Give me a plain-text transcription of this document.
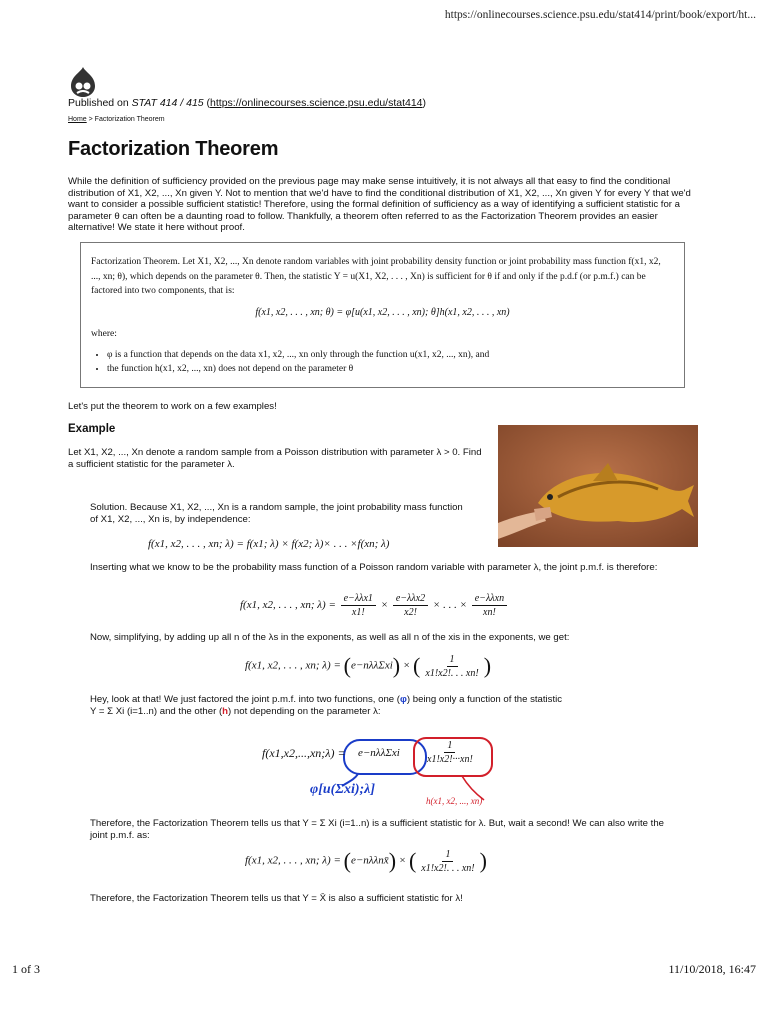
https://onlinecourses.science.psu.edu/stat414/print/book/export/ht...
Published on STAT 414 / 415 (https://onlinecourses.science.psu.edu/stat414)
Home > Factorization Theorem
Factorization Theorem
While the definition of sufficiency provided on the previous page may make sense intuitively, it is not always all that easy to find the conditional distribution of X1, X2, ..., Xn given Y. Not to mention that we'd have to find the conditional distribution of X1, X2, ..., Xn given Y for every Y that we'd want to consider a possible sufficient statistic! Therefore, using the formal definition of sufficiency as a way of identifying a sufficient statistic for a parameter θ can often be a daunting road to follow. Thankfully, a theorem often referred to as the Factorization Theorem provides an easier alternative! We state it here without proof.
Factorization Theorem. Let X1, X2, ..., Xn denote random variables with joint probability density function or joint probability mass function f(x1, x2, ..., xn; θ), which depends on the parameter θ. Then, the statistic Y = u(X1, X2, . . . , Xn) is sufficient for θ if and only if the p.d.f (or p.m.f.) can be factored into two components, that is:
f(x1, x2, . . . , xn; θ) = φ[u(x1, x2, . . . , xn); θ]h(x1, x2, . . . , xn)
where:
• φ is a function that depends on the data x1, x2, ..., xn only through the function u(x1, x2, ..., xn), and
• the function h(x1, x2, ..., xn) does not depend on the parameter θ
Let's put the theorem to work on a few examples!
Example
Let X1, X2, ..., Xn denote a random sample from a Poisson distribution with parameter λ > 0. Find a sufficient statistic for the parameter λ.
Solution. Because X1, X2, ..., Xn is a random sample, the joint probability mass function of X1, X2, ..., Xn is, by independence:
f(x1, x2, . . . , xn; λ) = f(x1; λ) × f(x2; λ)× . . . ×f(xn; λ)
Inserting what we know to be the probability mass function of a Poisson random variable with parameter λ, the joint p.m.f. is therefore:
f(x1, x2, . . . , xn; $\lambda) = \frac{\text{e−λλx1}}{x1!} \times \frac{\text{e−λλx2}}{x2!}$ × . . . × $\frac{\text{e−λλxn}}{xn!}$
Now, simplifying, by adding up all n of the λs in the exponents, as well as all n of the xis in the exponents, we get:
f(x1, x2, . . . , xn; λ) = (e−nλλΣxi) × ( $\frac{1}{x1!x2!. . . xn!}$ )
Hey, look at that! We just factored the joint p.m.f. into two functions, one (φ) being only a function of the statistic
Y = Σ Xi (i=1..n) and the other (h) not depending on the parameter λ:
f(x1,x2,...,xn;λ) = $e-n\lambda\lambda\Sigma xi \frac{1}{x1!x2!\cdot\cdot\cdot xn!}$
φ[u(Σxi);λ]
h(x1, x2, ..., xn)
Therefore, the Factorization Theorem tells us that Y = Σ Xi (i=1..n) is a sufficient statistic for λ. But, wait a second! We can also write the joint p.m.f. as:
f(x1, x2, . . . , xn; λ) = (e−nλλnx̄) × ( $\frac{1}{x1!x2!. . . xn!}$ )
Therefore, the Factorization Theorem tells us that Y = X̄ is also a sufficient statistic for λ!
1 of 3	11/10/2018, 16:47
